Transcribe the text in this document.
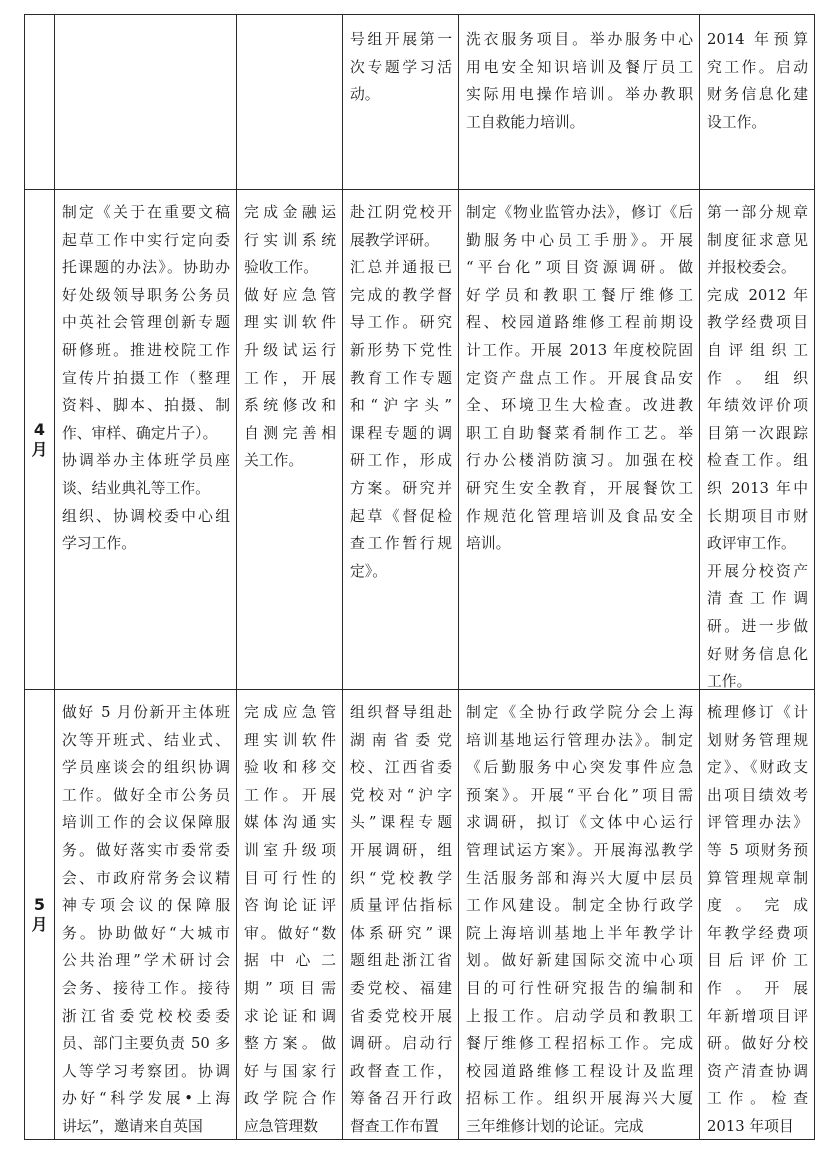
号组开展第一
次专题学习活
动。
洗衣服务项目。举办服务中心
用电安全知识培训及餐厅员工
实际用电操作培训。举办教职
工自救能力培训。
2014 年预算
究工作。启动
财务信息化建
设工作。
4月
制定《关于在重要文稿
起草工作中实行定向委
托课题的办法》。协助办
好处级领导职务公务员
中英社会管理创新专题
研修班。推进校院工作
宣传片拍摄工作（整理
资料、脚本、拍摄、制
作、审样、确定片子）。
协调举办主体班学员座
谈、结业典礼等工作。
组织、协调校委中心组
学习工作。
完成金融运
行实训系统
验收工作。
做好应急管
理实训软件
升级试运行
工作，开展
系统修改和
自测完善相
关工作。
赴江阴党校开
展教学评研。
汇总并通报已
完成的教学督
导工作。研究
新形势下党性
教育工作专题
和“沪字头”
课程专题的调
研工作，形成
方案。研究并
起草《督促检
查工作暂行规
定》。
制定《物业监管办法》，修订《后
勤服务中心员工手册》。开展
“平台化”项目资源调研。做
好学员和教职工餐厅维修工
程、校园道路维修工程前期设
计工作。开展 2013 年度校院固
定资产盘点工作。开展食品安
全、环境卫生大检查。改进教
职工自助餐菜肴制作工艺。举
行办公楼消防演习。加强在校
研究生安全教育，开展餐饮工
作规范化管理培训及食品安全
培训。
第一部分规章
制度征求意见
并报校委会。
完成 2012 年
教学经费项目
自评组织工
作。组织
年绩效评价项
目第一次跟踪
检查工作。组
织 2013 年中
长期项目市财
政评审工作。
开展分校资产
清查工作调
研。进一步做
好财务信息化
工作。
5月
做好 5 月份新开主体班
次等开班式、结业式、
学员座谈会的组织协调
工作。做好全市公务员
培训工作的会议保障服
务。做好落实市委常委
会、市政府常务会议精
神专项会议的保障服
务。协助做好“大城市
公共治理”学术研讨会
会务、接待工作。接待
浙江省委党校校委委
员、部门主要负责 50 多
人等学习考察团。协调
办好“科学发展•上海
讲坛”，邀请来自英国
完成应急管
理实训软件
验收和移交
工作。开展
媒体沟通实
训室升级项
目可行性的
咨询论证评
审。做好“数
据中心二
期”项目需
求论证和调
整方案。做
好与国家行
政学院合作
应急管理数
组织督导组赴
湖南省委党
校、江西省委
党校对“沪字
头”课程专题
开展调研，组
织“党校教学
质量评估指标
体系研究”课
题组赴浙江省
委党校、福建
省委党校开展
调研。启动行
政督查工作，
筹备召开行政
督查工作布置
制定《全协行政学院分会上海
培训基地运行管理办法》。制定
《后勤服务中心突发事件应急
预案》。开展“平台化”项目需
求调研，拟订《文体中心运行
管理试运方案》。开展海泓教学
生活服务部和海兴大厦中层员
工作风建设。制定全协行政学
院上海培训基地上半年教学计
划。做好新建国际交流中心项
目的可行性研究报告的编制和
上报工作。启动学员和教职工
餐厅维修工程招标工作。完成
校园道路维修工程设计及监理
招标工作。组织开展海兴大厦
三年维修计划的论证。完成
梳理修订《计
划财务管理规
定》、《财政支
出项目绩效考
评管理办法》
等 5 项财务预
算管理规章制
度。完成
年教学经费项
目后评价工
作。开展
年新增项目评
研。做好分校
资产清查协调
工作。检查
2013 年项目
